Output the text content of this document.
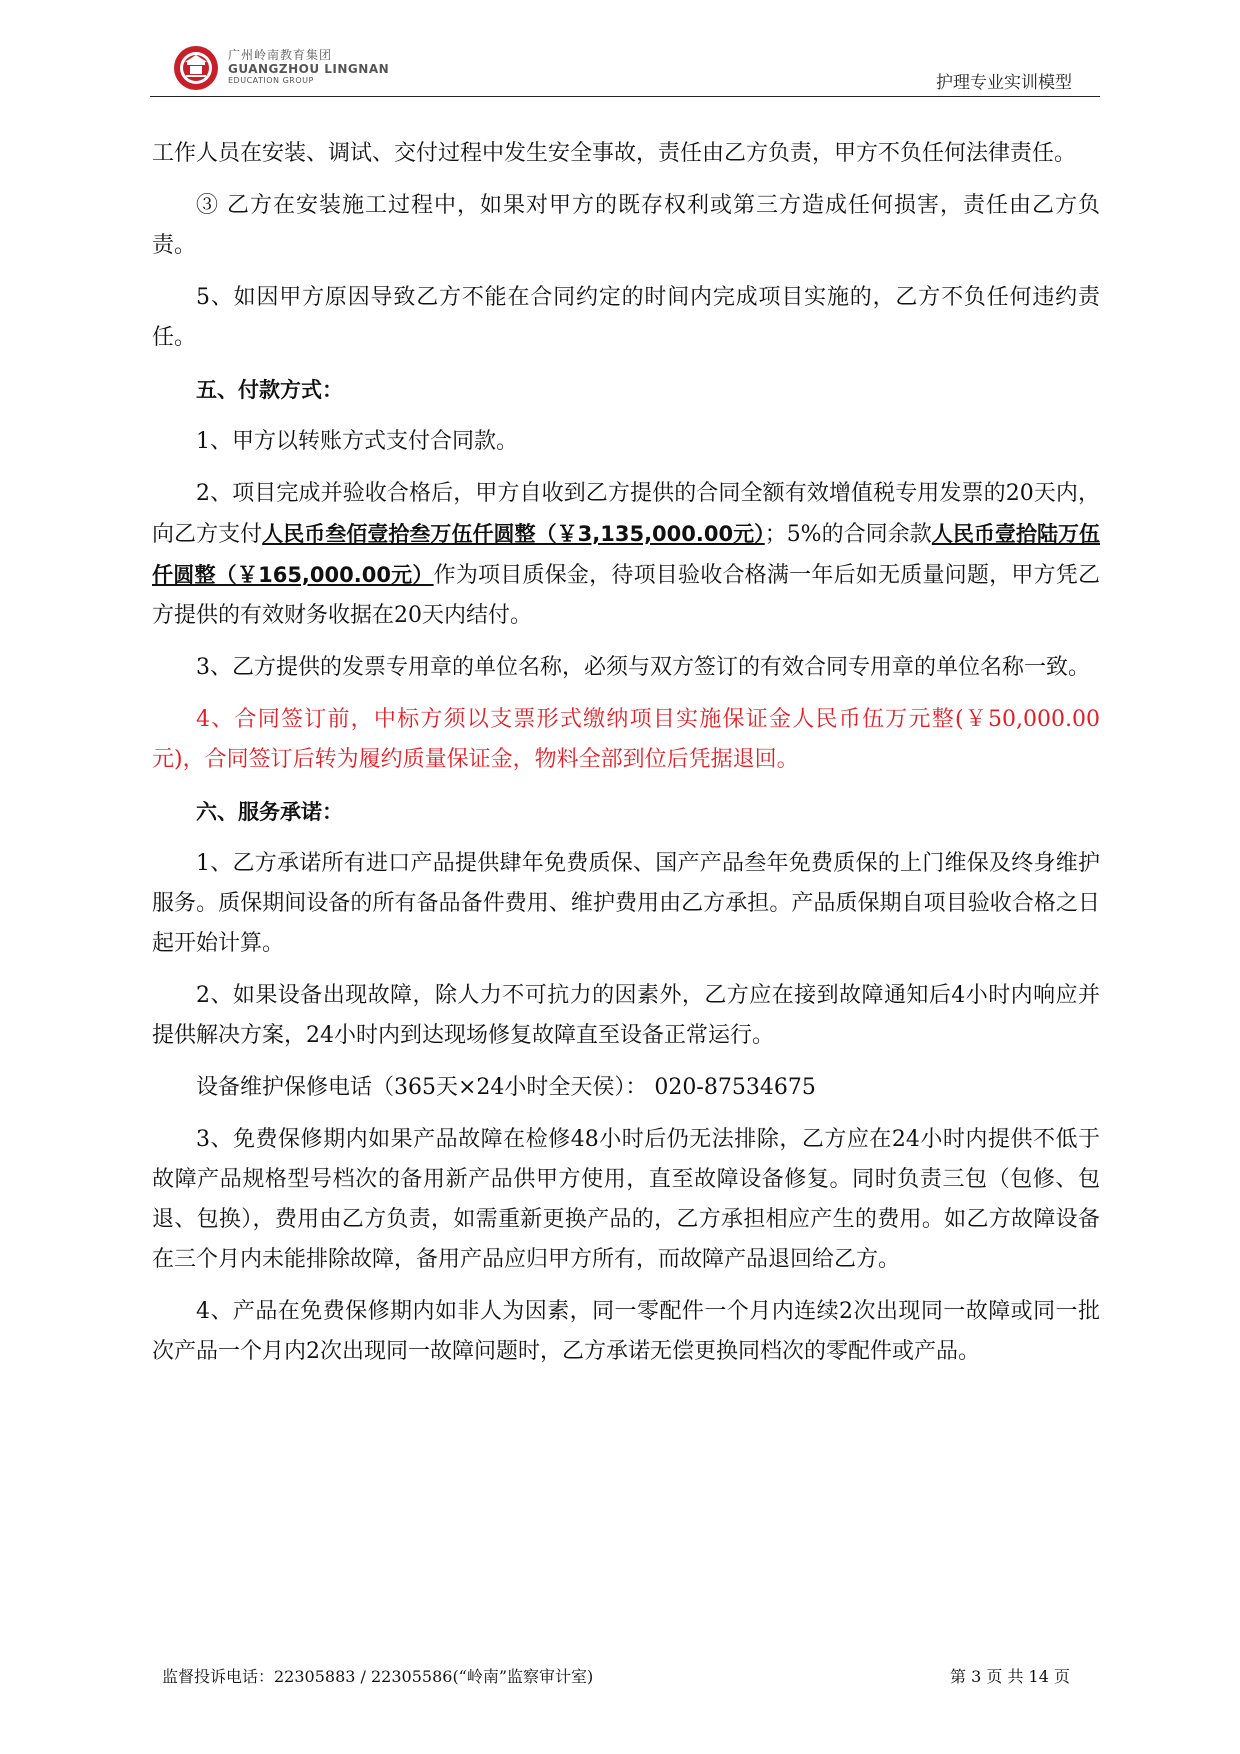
广州岭南教育集团
GUANGZHOU LINGNAN
EDUCATION GROUP	护理专业实训模型

工作人员在安装、调试、交付过程中发生安全事故，责任由乙方负责，甲方不负任何法律责任。

③ 乙方在安装施工过程中，如果对甲方的既存权利或第三方造成任何损害，责任由乙方负责。

5、如因甲方原因导致乙方不能在合同约定的时间内完成项目实施的，乙方不负任何违约责任。

五、付款方式：

1、甲方以转账方式支付合同款。

2、项目完成并验收合格后，甲方自收到乙方提供的合同全额有效增值税专用发票的20天内，向乙方支付人民币叁佰壹拾叁万伍仟圆整（￥3,135,000.00元）；5%的合同余款人民币壹拾陆万伍仟圆整（￥165,000.00元）作为项目质保金，待项目验收合格满一年后如无质量问题，甲方凭乙方提供的有效财务收据在20天内结付。

3、乙方提供的发票专用章的单位名称，必须与双方签订的有效合同专用章的单位名称一致。

4、合同签订前，中标方须以支票形式缴纳项目实施保证金人民币伍万元整(￥50,000.00元)，合同签订后转为履约质量保证金，物料全部到位后凭据退回。

六、服务承诺：

1、乙方承诺所有进口产品提供肆年免费质保、国产产品叁年免费质保的上门维保及终身维护服务。质保期间设备的所有备品备件费用、维护费用由乙方承担。产品质保期自项目验收合格之日起开始计算。

2、如果设备出现故障，除人力不可抗力的因素外，乙方应在接到故障通知后4小时内响应并提供解决方案，24小时内到达现场修复故障直至设备正常运行。

设备维护保修电话（365天×24小时全天侯）： 020-87534675

3、免费保修期内如果产品故障在检修48小时后仍无法排除，乙方应在24小时内提供不低于故障产品规格型号档次的备用新产品供甲方使用，直至故障设备修复。同时负责三包（包修、包退、包换），费用由乙方负责，如需重新更换产品的，乙方承担相应产生的费用。如乙方故障设备在三个月内未能排除故障，备用产品应归甲方所有，而故障产品退回给乙方。

4、产品在免费保修期内如非人为因素，同一零配件一个月内连续2次出现同一故障或同一批次产品一个月内2次出现同一故障问题时，乙方承诺无偿更换同档次的零配件或产品。

监督投诉电话：22305883 / 22305586(“岭南”监察审计室)	第 3 页 共 14 页
